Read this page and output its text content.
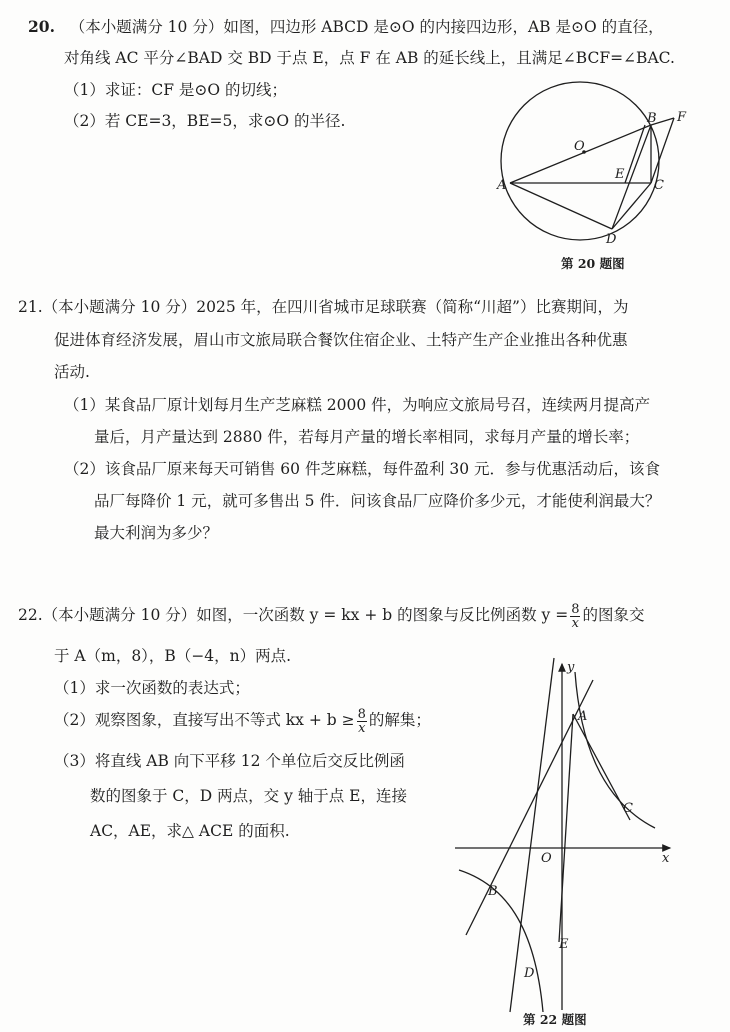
20. （本小题满分 10 分）如图，四边形 ABCD 是⊙O 的内接四边形，AB 是⊙O 的直径，
对角线 AC 平分∠BAD 交 BD 于点 E，点 F 在 AB 的延长线上，且满足∠BCF=∠BAC.
（1）求证：CF 是⊙O 的切线；
（2）若 CE=3，BE=5，求⊙O 的半径.
A
B
C
D
E
F
O
第 20 题图
21.（本小题满分 10 分）2025 年，在四川省城市足球联赛（简称“川超”）比赛期间，为
促进体育经济发展，眉山市文旅局联合餐饮住宿企业、土特产生产企业推出各种优惠
活动.
（1）某食品厂原计划每月生产芝麻糕 2000 件，为响应文旅局号召，连续两月提高产
量后，月产量达到 2880 件，若每月产量的增长率相同，求每月产量的增长率；
（2）该食品厂原来每天可销售 60 件芝麻糕，每件盈利 30 元．参与优惠活动后，该食
品厂每降价 1 元，就可多售出 5 件．问该食品厂应降价多少元，才能使利润最大？
最大利润为多少？
22.（本小题满分 10 分）如图，一次函数 y = kx + b 的图象与反比例函数 $y = \frac{8}{x}$ 的图象交
于 A（m，8），B（−4，n）两点.
（1）求一次函数的表达式；
（2）观察图象，直接写出不等式 kx + $b \ge \frac{8}{x}$ 的解集；
（3）将直线 AB 向下平移 12 个单位后交反比例函
数的图象于 C，D 两点，交 y 轴于点 E，连接
AC，AE，求△ ACE 的面积.
A
B
C
D
E
O	x
y
第 22 题图
